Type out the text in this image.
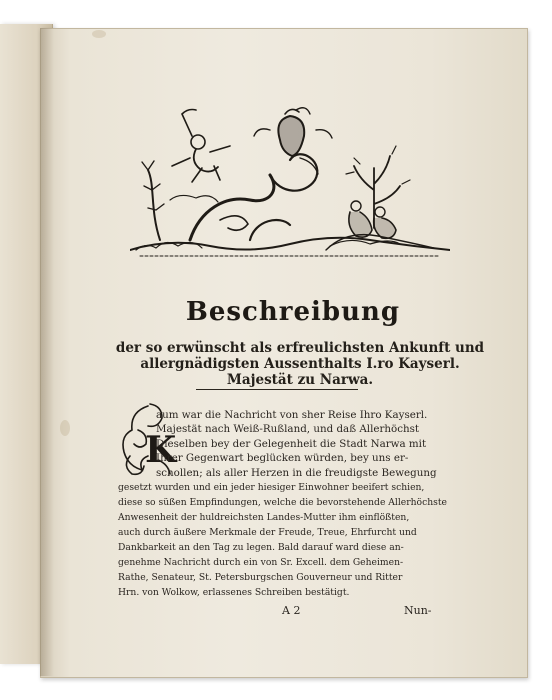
Beschreibung
der so erwünscht als erfreulichsten Ankunft und
allergnädigsten Aussenthalts I.ro Kayserl.
Majestät zu Narwa.
K
aum war die Nachricht von sher Reise Ihro Kayserl.
Majestät nach Weiß-Rußland, und daß Allerhöchst
Dieselben bey der Gelegenheit die Stadt Narwa mit
Ihrer Gegenwart beglücken würden, bey uns er-
schollen; als aller Herzen in die freudigste Bewegung
gesetzt wurden und ein jeder hiesiger Einwohner beeifert schien,
diese so süßen Empfindungen, welche die bevorstehende Allerhöchste
Anwesenheit der huldreichsten Landes-Mutter ihm einflößten,
auch durch äußere Merkmale der Freude, Treue, Ehrfurcht und
Dankbarkeit an den Tag zu legen. Bald darauf ward diese an-
genehme Nachricht durch ein von Sr. Excell. dem Geheimen-
Rathe, Senateur, St. Petersburgschen Gouverneur und Ritter
Hrn. von Wolkow, erlassenes Schreiben bestätigt.
A 2	Nun-
